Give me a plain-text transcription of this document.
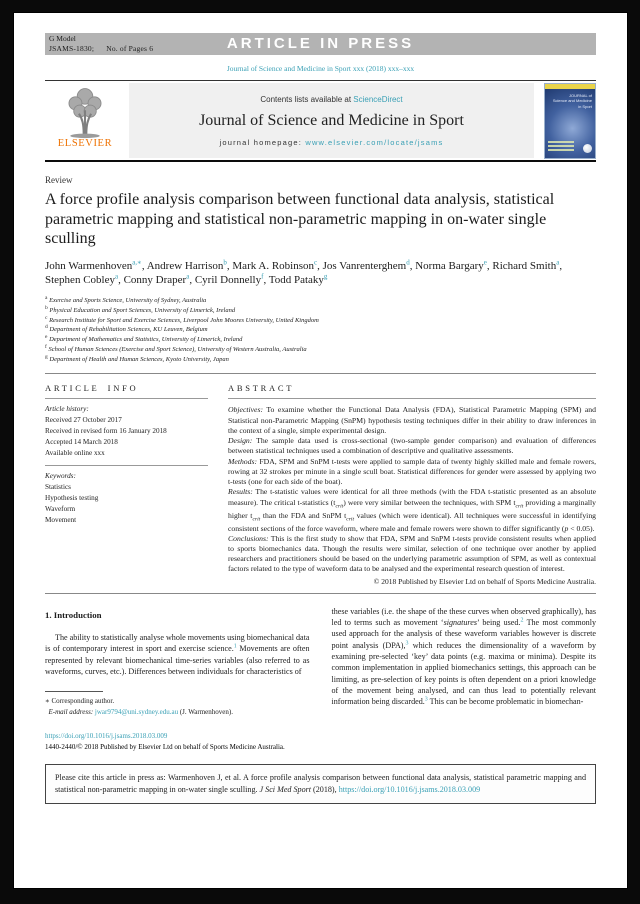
G Model
JSAMS-1830; No. of Pages 6	ARTICLE IN PRESS
Journal of Science and Medicine in Sport xxx (2018) xxx–xxx
ELSEVIER
Contents lists available at ScienceDirect
Journal of Science and Medicine in Sport
journal homepage: www.elsevier.com/locate/jsams
JOURNAL of
Science and Medicine
in Sport
Review
A force profile analysis comparison between functional data analysis, statistical parametric mapping and statistical non-parametric mapping in on-water single sculling
John Warmenhoven$^{a,∗}$, Andrew Harrison$^b$, Mark A. Robinson$^c$, Jos Vanrenterghem$^d$, Norma Bargary$^e$, Richard Smith$^a$, Stephen Cobley$^a$, Conny Draper$^a$, Cyril Donnelly$^f$, Todd Pataky$^g$
$^a$ Exercise and Sports Science, University of Sydney, Australia
$^b$ Physical Education and Sport Sciences, University of Limerick, Ireland
$^c$ Research Institute for Sport and Exercise Sciences, Liverpool John Moores University, United Kingdom
$^d$ Department of Rehabilitation Sciences, KU Leuven, Belgium
$^e$ Department of Mathematics and Statistics, University of Limerick, Ireland
$^f$ School of Human Sciences (Exercise and Sport Science), University of Western Australia, Australia
$^g$ Department of Health and Human Sciences, Kyoto University, Japan
ARTICLE INFO
Article history:
Received 27 October 2017
Received in revised form 16 January 2018
Accepted 14 March 2018
Available online xxx
Keywords:
Statistics
Hypothesis testing
Waveform
Movement
ABSTRACT
Objectives: To examine whether the Functional Data Analysis (FDA), Statistical Parametric Mapping (SPM) and Statistical non-Parametric Mapping (SnPM) hypothesis testing techniques differ in their ability to draw inferences in the context of a single, simple experimental design.
Design: The sample data used is cross-sectional (two-sample gender comparison) and evaluation of differences between statistical techniques used a combination of descriptive and qualitative assessments.
Methods: FDA, SPM and SnPM t-tests were applied to sample data of twenty highly skilled male and female rowers, rowing at 32 strokes per minute in a single scull boat. Statistical differences for gender were assessed by applying two t-tests (one for each side of the boat).
Results: The t-statistic values were identical for all three methods (with the FDA t-statistic presented as an absolute measure). The critical t-statistics $(t_{crit})$ were very similar between the techniques, with SPM $t_{crit}$ providing a marginally higher $t_{crit}$ than the FDA and SnPM $t_{crit}$ values (which were identical). All techniques were successful in identifying consistent sections of the force waveform, where male and female rowers were shown to differ significantly (p < 0.05).
Conclusions: This is the first study to show that FDA, SPM and SnPM t-tests provide consistent results when applied to sports biomechanics data. Though the results were similar, selection of one technique over another by applied researchers and practitioners should be based on the underlying parametric assumption of SPM, as well as contextual factors related to the type of waveform data to be analysed and the experimental research question of interest.
© 2018 Published by Elsevier Ltd on behalf of Sports Medicine Australia.
1. Introduction
The ability to statistically analyse whole movements using biomechanical data is of contemporary interest in sport and exercise science.$^1$ Movements are often represented by relevant biomechanical time-series variables (also referred to as waveforms, curves, etc.). Differences between individuals for characteristics of
∗ Corresponding author.
E-mail address: jwar9794@uni.sydney.edu.au (J. Warmenhoven).
these variables (i.e. the shape of the these curves when observed graphically), has led to terms such as movement ‘signatures’ being used.$^2$ The most commonly used approach for the analysis of these waveform variables however is discrete point analysis (DPA),$^3$ which reduces the dimensionality of a waveform by examining pre-selected ‘key’ data points (e.g. maxima or minima). Despite its common implementation in applied biomechanics settings, this approach can be limiting, as pre-selection of key points is often dependent on a priori knowledge of the movement being analysed, and can thus lead to potentially relevant information being discarded.$^3$ This can be become problematic in biomechan-
https://doi.org/10.1016/j.jsams.2018.03.009
1440-2440/© 2018 Published by Elsevier Ltd on behalf of Sports Medicine Australia.
Please cite this article in press as: Warmenhoven J, et al. A force profile analysis comparison between functional data analysis, statistical parametric mapping and statistical non-parametric mapping in on-water single sculling. J Sci Med Sport (2018), https://doi.org/10.1016/j.jsams.2018.03.009
